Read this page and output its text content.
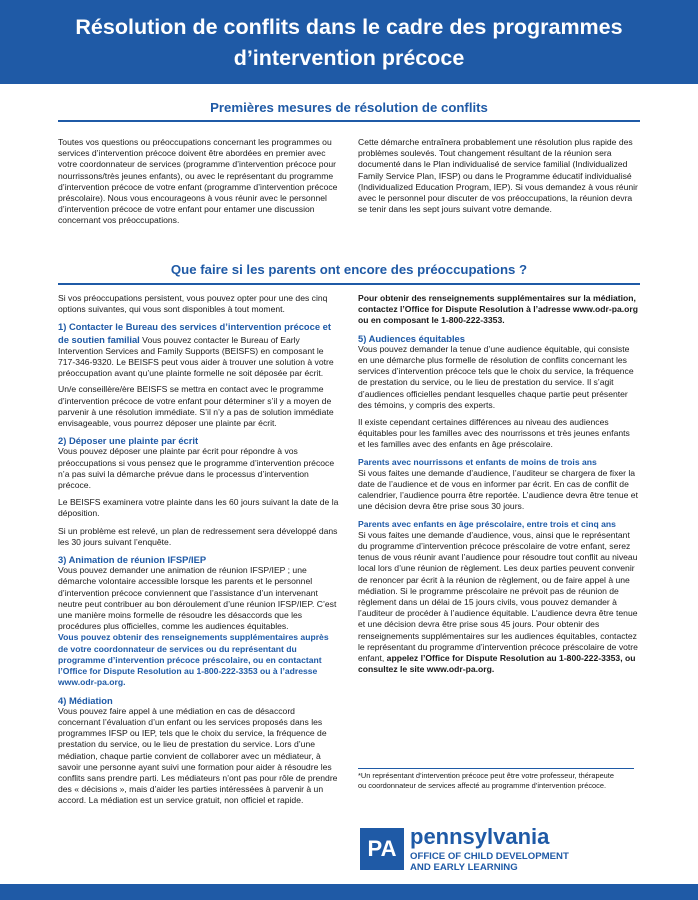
Résolution de conflits dans le cadre des programmes
d’intervention précoce
Premières mesures de résolution de conflits

Toutes vos questions ou préoccupations concernant les programmes ou services d’intervention précoce doivent être abordées en premier avec votre coordonnateur de services (programme d’intervention précoce pour nourrissons/très jeunes enfants), ou avec le représentant du programme d’intervention précoce de votre enfant (programme d’intervention précoce préscolaire). Nous vous encourageons à vous réunir avec le personnel d’intervention précoce de votre enfant pour entamer une discussion concernant vos préoccupations.

Cette démarche entraînera probablement une résolution plus rapide des problèmes soulevés. Tout changement résultant de la réunion sera documenté dans le Plan individualisé de service familial (Individualized Family Service Plan, IFSP) ou dans le Programme éducatif individualisé (Individualized Education Program, IEP). Si vous demandez à vous réunir avec le personnel pour discuter de vos préoccupations, la réunion devra se tenir dans les sept jours suivant votre demande.

Que faire si les parents ont encore des préoccupations ?

Si vos préoccupations persistent, vous pouvez opter pour une des cinq options suivantes, qui vous sont disponibles à tout moment.

1) Contacter le Bureau des services d’intervention précoce et de soutien familial Vous pouvez contacter le Bureau of Early Intervention Services and Family Supports (BEISFS) en composant le 717-346-9320. Le BEISFS peut vous aider à trouver une solution à votre préoccupation avant qu’une plainte formelle ne soit déposée par écrit.

Un/e conseillère/ère BEISFS se mettra en contact avec le programme d’intervention précoce de votre enfant pour déterminer s’il y a moyen de parvenir à une résolution immédiate. S’il n’y a pas de solution immédiate envisageable, vous pourrez déposer une plainte par écrit.

2) Déposer une plainte par écrit

Vous pouvez déposer une plainte par écrit pour répondre à vos préoccupations si vous pensez que le programme d’intervention précoce n’a pas suivi la démarche prévue dans le processus d’intervention précoce.

Le BEISFS examinera votre plainte dans les 60 jours suivant la date de la déposition.

Si un problème est relevé, un plan de redressement sera développé dans les 30 jours suivant l’enquête.

3) Animation de réunion IFSP/IEP

Vous pouvez demander une animation de réunion IFSP/IEP ; une démarche volontaire accessible lorsque les parents et le personnel d’intervention précoce conviennent que l’assistance d’un intervenant neutre peut contribuer au bon déroulement d’une réunion IFSP/IEP. C’est une manière moins formelle de résoudre les désaccords que les procédures plus officielles, comme les audiences équitables.

Vous pouvez obtenir des renseignements supplémentaires auprès de votre coordonnateur de services ou du représentant du programme d’intervention précoce préscolaire, ou en contactant l’Office for Dispute Resolution au 1-800-222-3353 ou à l’adresse www.odr-pa.org.

4) Médiation

Vous pouvez faire appel à une médiation en cas de désaccord concernant l’évaluation d’un enfant ou les services proposés dans les programmes IFSP ou IEP, tels que le choix du service, la fréquence de prestation du service, ou le lieu de prestation du service. Lors d’une médiation, chaque partie convient de collaborer avec un médiateur, à savoir une personne ayant suivi une formation pour aider à résoudre les conflits sans prendre parti. Les médiateurs n’ont pas pour rôle de prendre des « décisions », mais d’aider les parties intéressées à parvenir à un accord. La médiation est un service gratuit, non officiel et rapide.

Pour obtenir des renseignements supplémentaires sur la médiation, contactez l’Office for Dispute Resolution à l’adresse www.odr-pa.org ou en composant le 1-800-222-3353.

5) Audiences équitables

Vous pouvez demander la tenue d’une audience équitable, qui consiste en une démarche plus formelle de résolution de conflits concernant les services d’intervention précoce tels que le choix du service, la fréquence de prestation du service, ou le lieu de prestation du service. Il s’agit d’audiences officielles pendant lesquelles chaque partie peut présenter des témoins, y compris des experts.

Il existe cependant certaines différences au niveau des audiences équitables pour les familles avec des nourrissons et très jeunes enfants et les familles avec des enfants en âge préscolaire.

Parents avec nourrissons et enfants de moins de trois ans

Si vous faites une demande d’audience, l’auditeur se chargera de fixer la date de l’audience et de vous en informer par écrit. En cas de conflit de calendrier, l’audience pourra être reportée. L’audience devra être tenue et une décision devra être prise sous 30 jours.

Parents avec enfants en âge préscolaire, entre trois et cinq ans

Si vous faites une demande d’audience, vous, ainsi que le représentant du programme d’intervention précoce préscolaire de votre enfant, serez tenus de vous réunir avant l’audience pour résoudre tout conflit au niveau local lors d’une réunion de règlement. Les deux parties peuvent convenir de renoncer par écrit à la réunion de règlement, ou de faire appel à une médiation. Si le programme préscolaire ne prévoit pas de réunion de règlement dans un délai de 15 jours civils, vous pouvez demander à l’auditeur de procéder à l’audience équitable. L’audience devra être tenue et une décision devra être prise sous 45 jours. Pour obtenir des renseignements supplémentaires sur les audiences équitables, contactez le représentant du programme d’intervention précoce préscolaire de votre enfant, appelez l’Office for Dispute Resolution au 1-800-222-3353, ou consultez le site www.odr-pa.org.

*Un représentant d’intervention précoce peut être votre professeur, thérapeute ou coordonnateur de services affecté au programme d’intervention précoce.
PA pennsylvania
OFFICE OF CHILD DEVELOPMENT
AND EARLY LEARNING
